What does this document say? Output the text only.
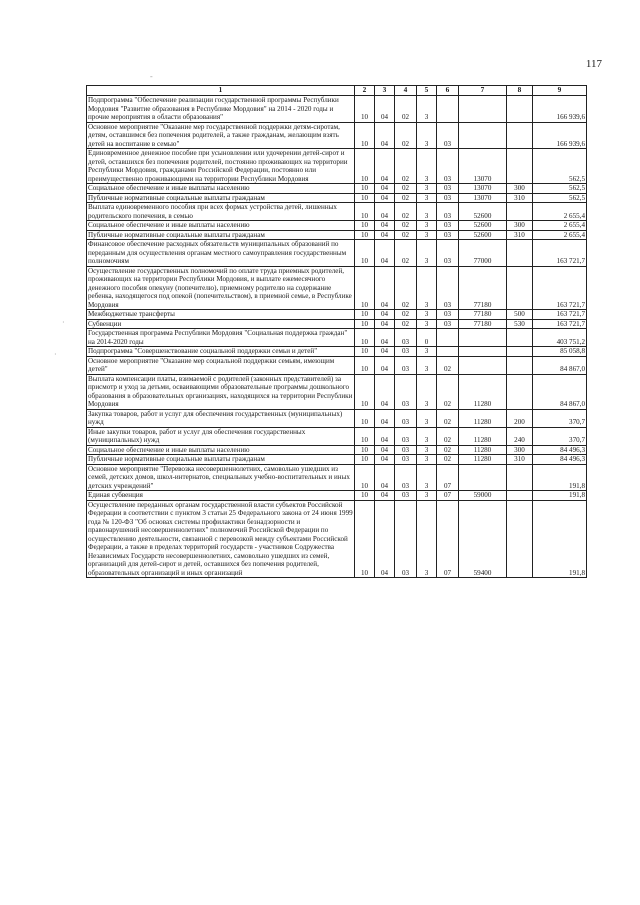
117
‐
·
·
1	2	3	4	5	6	7	8	9
Подпрограмма "Обеспечение реализации государственной программы Республики Мордовия "Развитие образования в Республике Мордовия" на 2014 - 2020 годы и прочие мероприятия в области образования"	10	04	02	3				166 939,6
Основное мероприятие "Оказание мер государственной поддержки детям-сиротам, детям, оставшимся без попечения родителей, а также гражданам, желающим взять детей на воспитание в семью"	10	04	02	3	03			166 939,6
Единовременное денежное пособие при усыновлении или удочерении детей-сирот и детей, оставшихся без попечения родителей, постоянно проживающих на территории Республики Мордовия, гражданами Российской Федерации, постоянно или преимущественно проживающими на территории Республики Мордовия	10	04	02	3	03	13070		562,5
Социальное обеспечение и иные выплаты населению	10	04	02	3	03	13070	300	562,5
Публичные нормативные социальные выплаты гражданам	10	04	02	3	03	13070	310	562,5
Выплата единовременного пособия при всех формах устройства детей, лишенных родительского попечения, в семью	10	04	02	3	03	52600		2 655,4
Социальное обеспечение и иные выплаты населению	10	04	02	3	03	52600	300	2 655,4
Публичные нормативные социальные выплаты гражданам	10	04	02	3	03	52600	310	2 655,4
Финансовое обеспечение расходных обязательств муниципальных образований по переданным для осуществления органам местного самоуправления государственным полномочиям	10	04	02	3	03	77000		163 721,7
Осуществление государственных полномочий по оплате труда приемных родителей, проживающих на территории Республики Мордовия, и выплате ежемесячного денежного пособия опекуну (попечителю), приемному родителю на содержание ребенка, находящегося под опекой (попечительством), в приемной семье, в Республике Мордовия	10	04	02	3	03	77180		163 721,7
Межбюджетные трансферты	10	04	02	3	03	77180	500	163 721,7
Субвенции	10	04	02	3	03	77180	530	163 721,7
Государственная программа Республики Мордовия "Социальная поддержка граждан" на 2014-2020 годы	10	04	03	0				403 751,2
Подпрограмма "Совершенствование социальной поддержки семьи и детей"	10	04	03	3				85 058,8
Основное мероприятие "Оказание мер социальной поддержки семьям, имеющим детей"	10	04	03	3	02			84 867,0
Выплата компенсации платы, взимаемой с родителей (законных представителей) за присмотр и уход за детьми, осваивающими образовательные программы дошкольного образования в образовательных организациях, находящихся на территории Республики Мордовия	10	04	03	3	02	11280		84 867,0
Закупка товаров, работ и услуг для обеспечения государственных (муниципальных) нужд	10	04	03	3	02	11280	200	370,7
Иные закупки товаров, работ и услуг для обеспечения государственных (муниципальных) нужд	10	04	03	3	02	11280	240	370,7
Социальное обеспечение и иные выплаты населению	10	04	03	3	02	11280	300	84 496,3
Публичные нормативные социальные выплаты гражданам	10	04	03	3	02	11280	310	84 496,3
Основное мероприятие "Перевозка несовершеннолетних, самовольно ушедших из семей, детских домов, школ-интернатов, специальных учебно-воспитательных и иных детских учреждений"	10	04	03	3	07			191,8
Единая субвенция	10	04	03	3	07	59000		191,8
Осуществление переданных органам государственной власти субъектов Российской Федерации в соответствии с пунктом 3 статьи 25 Федерального закона от 24 июня 1999 года № 120-ФЗ "Об основах системы профилактики безнадзорности и правонарушений несовершеннолетних" полномочий Российской Федерации по осуществлению деятельности, связанной с перевозкой между субъектами Российской Федерации, а также в пределах территорий государств - участников Содружества Независимых Государств несовершеннолетних, самовольно ушедших из семей, организаций для детей-сирот и детей, оставшихся без попечения родителей, образовательных организаций и иных организаций	10	04	03	3	07	59400		191,8
